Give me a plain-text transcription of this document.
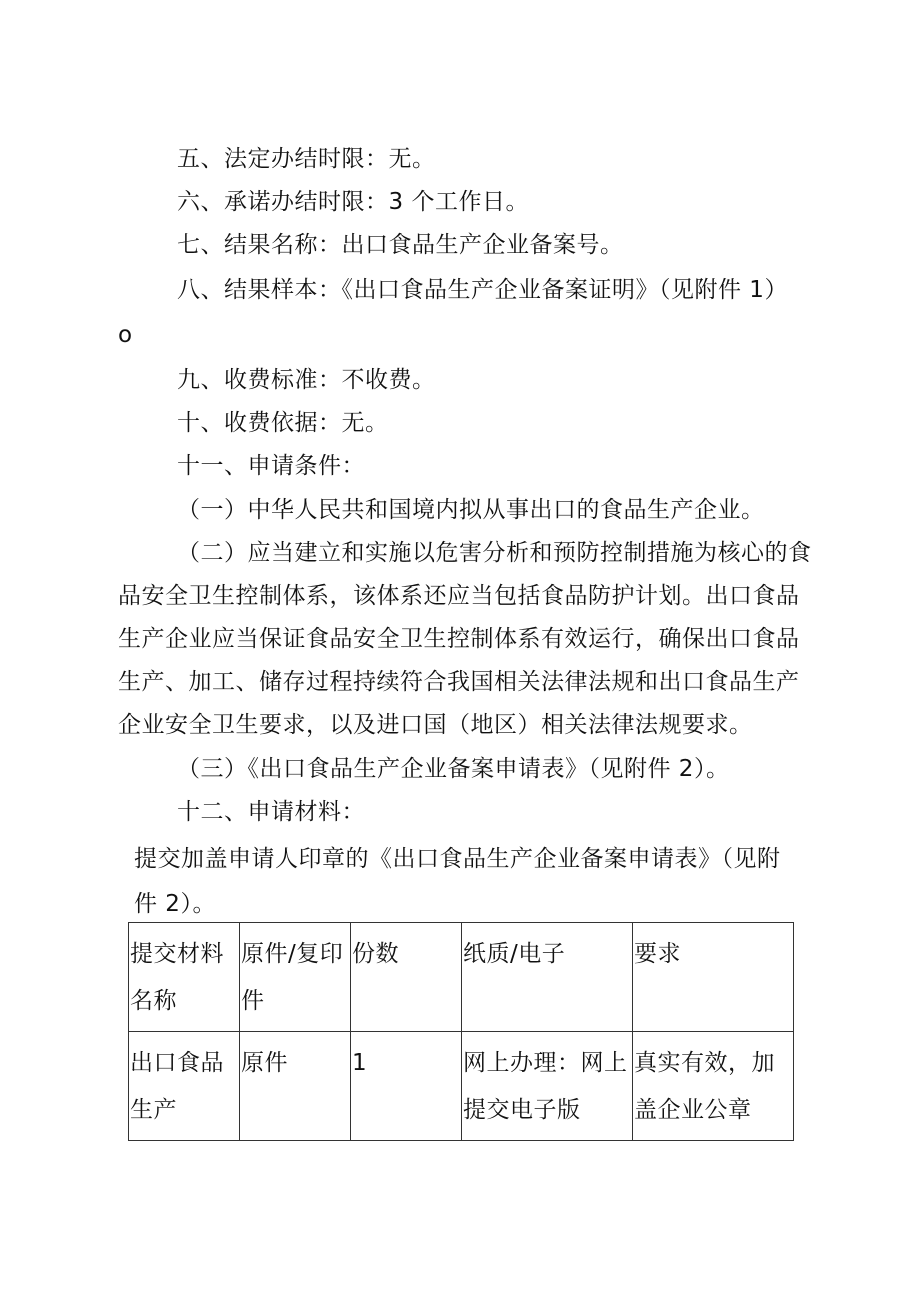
五、法定办结时限：无。
六、承诺办结时限：3 个工作日。
七、结果名称：出口食品生产企业备案号。
八、结果样本：《出口食品生产企业备案证明》（见附件 1）
o
九、收费标准：不收费。
十、收费依据：无。
十一、申请条件：
（一）中华人民共和国境内拟从事出口的食品生产企业。
（二）应当建立和实施以危害分析和预防控制措施为核心的食
品安全卫生控制体系，该体系还应当包括食品防护计划。出口食品
生产企业应当保证食品安全卫生控制体系有效运行，确保出口食品
生产、加工、储存过程持续符合我国相关法律法规和出口食品生产
企业安全卫生要求，以及进口国（地区）相关法律法规要求。
（三）《出口食品生产企业备案申请表》（见附件 2）。
十二、申请材料：
提交加盖申请人印章的《出口食品生产企业备案申请表》（见附
件 2）。
提交材料名称	原件/复印件	份数	纸质/电子	要求

出口食品生产	原件	1	网上办理：网上提交电子版	真实有效，加盖企业公章
